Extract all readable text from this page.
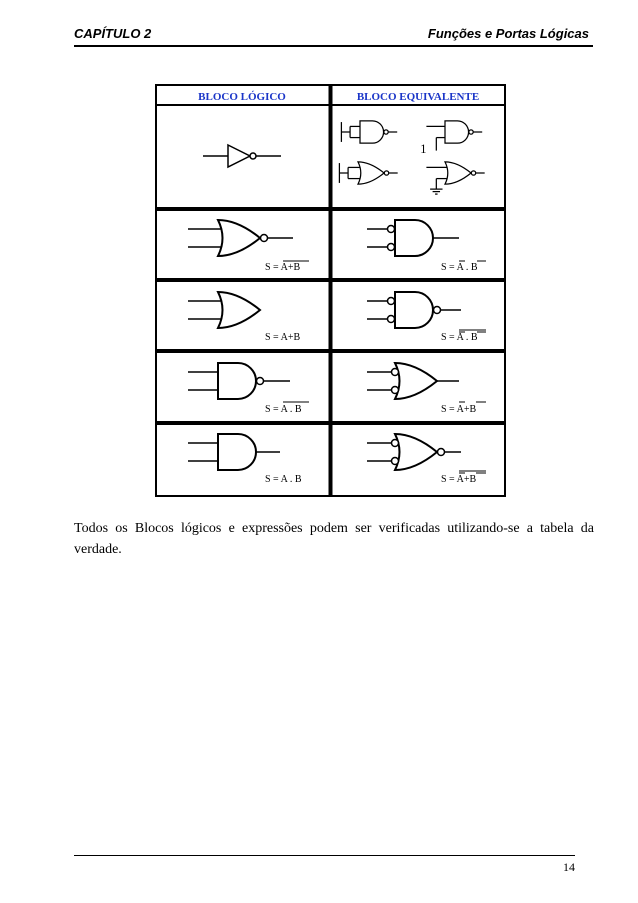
CAPÍTULO 2	Funções e Portas Lógicas
BLOCO LÓGICO	BLOCO EQUIVALENTE
1
S = A+B	S = A . B
S = A+B	S = A . B
S = A . B	S = A+B
S = A . B	S = A+B

Todos os Blocos lógicos e expressões podem ser verificadas utilizando-se a tabela da verdade.

14
